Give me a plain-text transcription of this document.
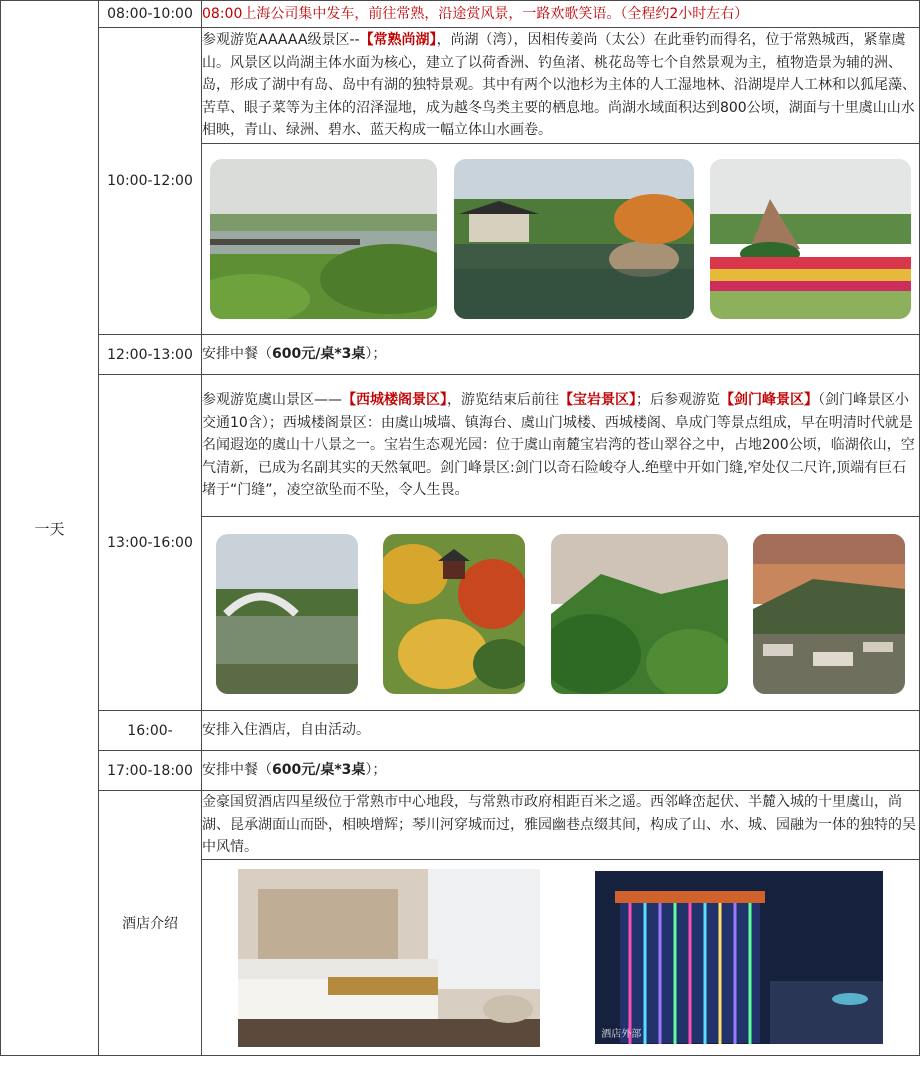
一天	08:00-10:00	08:00上海公司集中发车，前往常熟，沿途赏风景，一路欢歌笑语。（全程约2小时左右）
	10:00-12:00	参观游览AAAAA级景区--【常熟尚湖】，尚湖（湾），因相传姜尚（太公）在此垂钓而得名，位于常熟城西，紧靠虞山。风景区以尚湖主体水面为核心，建立了以荷香洲、钓鱼渚、桃花岛等七个自然景观为主，植物造景为辅的洲、岛，形成了湖中有岛、岛中有湖的独特景观。其中有两个以池杉为主体的人工湿地林、沿湖堤岸人工林和以狐尾藻、苦草、眼子菜等为主体的沼泽湿地，成为越冬鸟类主要的栖息地。尚湖水域面积达到800公顷，湖面与十里虞山山水相映，青山、绿洲、碧水、蓝天构成一幅立体山水画卷。

	12:00-13:00	安排中餐（600元/桌*3桌）；
	13:00-16:00	参观游览虞山景区——【西城楼阁景区】，游览结束后前往【宝岩景区】；后参观游览【剑门峰景区】（剑门峰景区小交通10含）；西城楼阁景区：由虞山城墙、镇海台、虞山门城楼、西城楼阁、阜成门等景点组成，早在明清时代就是名闻遐迩的虞山十八景之一。宝岩生态观光园：位于虞山南麓宝岩湾的苍山翠谷之中，占地200公顷，临湖依山，空气清新，已成为名副其实的天然氧吧。剑门峰景区:剑门以奇石险峻夺人.绝壁中开如门缝,窄处仅二尺许,顶端有巨石堵于“门缝”，凌空欲坠而不坠，令人生畏。

	16:00-	安排入住酒店，自由活动。
	17:00-18:00	安排中餐（600元/桌*3桌）；
	酒店介绍	金豪国贸酒店四星级位于常熟市中心地段，与常熟市政府相距百米之遥。西邻峰峦起伏、半麓入城的十里虞山，尚湖、昆承湖面山而卧，相映增辉；琴川河穿城而过，雅园幽巷点缀其间，构成了山、水、城、园融为一体的独特的吴中风情。

		酒店外部
